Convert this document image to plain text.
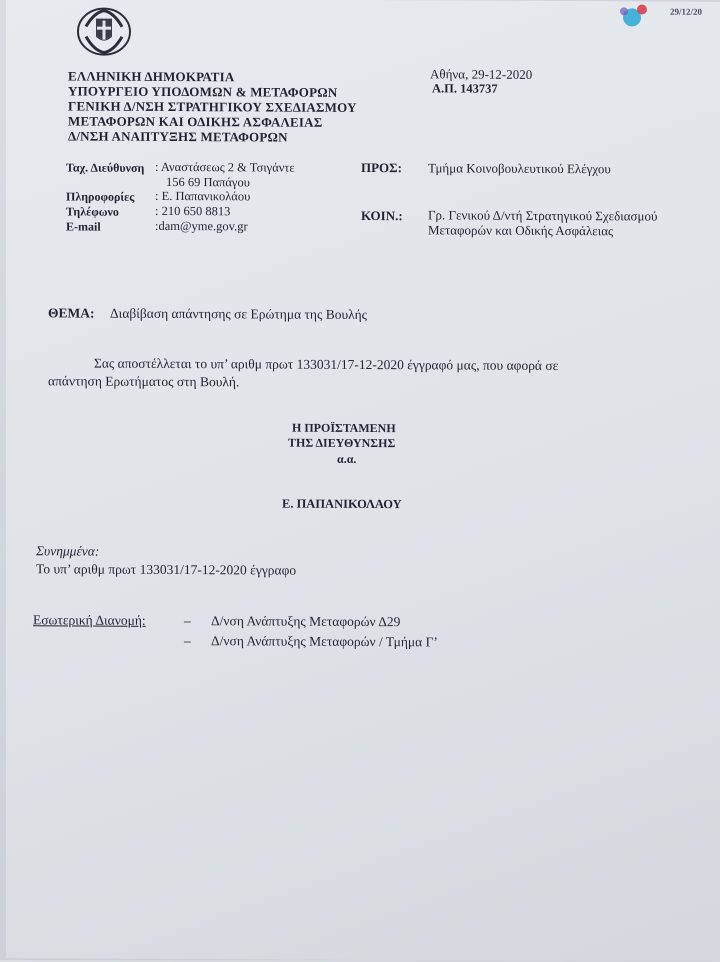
29/12/20
ΕΛΛΗΝΙΚΗ ΔΗΜΟΚΡΑΤΙΑ
ΥΠΟΥΡΓΕΙΟ ΥΠΟΔΟΜΩΝ & ΜΕΤΑΦΟΡΩΝ
ΓΕΝΙΚΗ Δ/ΝΣΗ ΣΤΡΑΤΗΓΙΚΟΥ ΣΧΕΔΙΑΣΜΟΥ
ΜΕΤΑΦΟΡΩΝ ΚΑΙ ΟΔΙΚΗΣ ΑΣΦΑΛΕΙΑΣ
Δ/ΝΣΗ ΑΝΑΠΤΥΞΗΣ ΜΕΤΑΦΟΡΩΝ
Αθήνα, 29-12-2020
Α.Π. 143737
Ταχ. Διεύθυνση : Αναστάσεως 2 & Τσιγάντε
156 69 Παπάγου
Πληροφορίες : Ε. Παπανικολάου
Τηλέφωνο	: 210 650 8813
E-mail	:dam@yme.gov.gr
ΠΡΟΣ: Τμήμα Κοινοβουλευτικού Ελέγχου
ΚΟΙΝ.: Γρ. Γενικού Δ/ντή Στρατηγικού Σχεδιασμού
Μεταφορών και Οδικής Ασφάλειας
ΘΕΜΑ: Διαβίβαση απάντησης σε Ερώτημα της Βουλής
Σας αποστέλλεται το υπ’ αριθμ πρωτ 133031/17-12-2020 έγγραφό μας, που αφορά σε
απάντηση Ερωτήματος στη Βουλή.
Η ΠΡΟΪΣΤΑΜΕΝΗ
ΤΗΣ ΔΙΕΥΘΥΝΣΗΣ
α.α.
Ε. ΠΑΠΑΝΙΚΟΛΑΟΥ
Συνημμένα:
Το υπ’ αριθμ πρωτ 133031/17-12-2020 έγγραφο
Εσωτερική Διανομή:	– Δ/νση Ανάπτυξης Μεταφορών Δ29
– Δ/νση Ανάπτυξης Μεταφορών / Τμήμα Γ’
